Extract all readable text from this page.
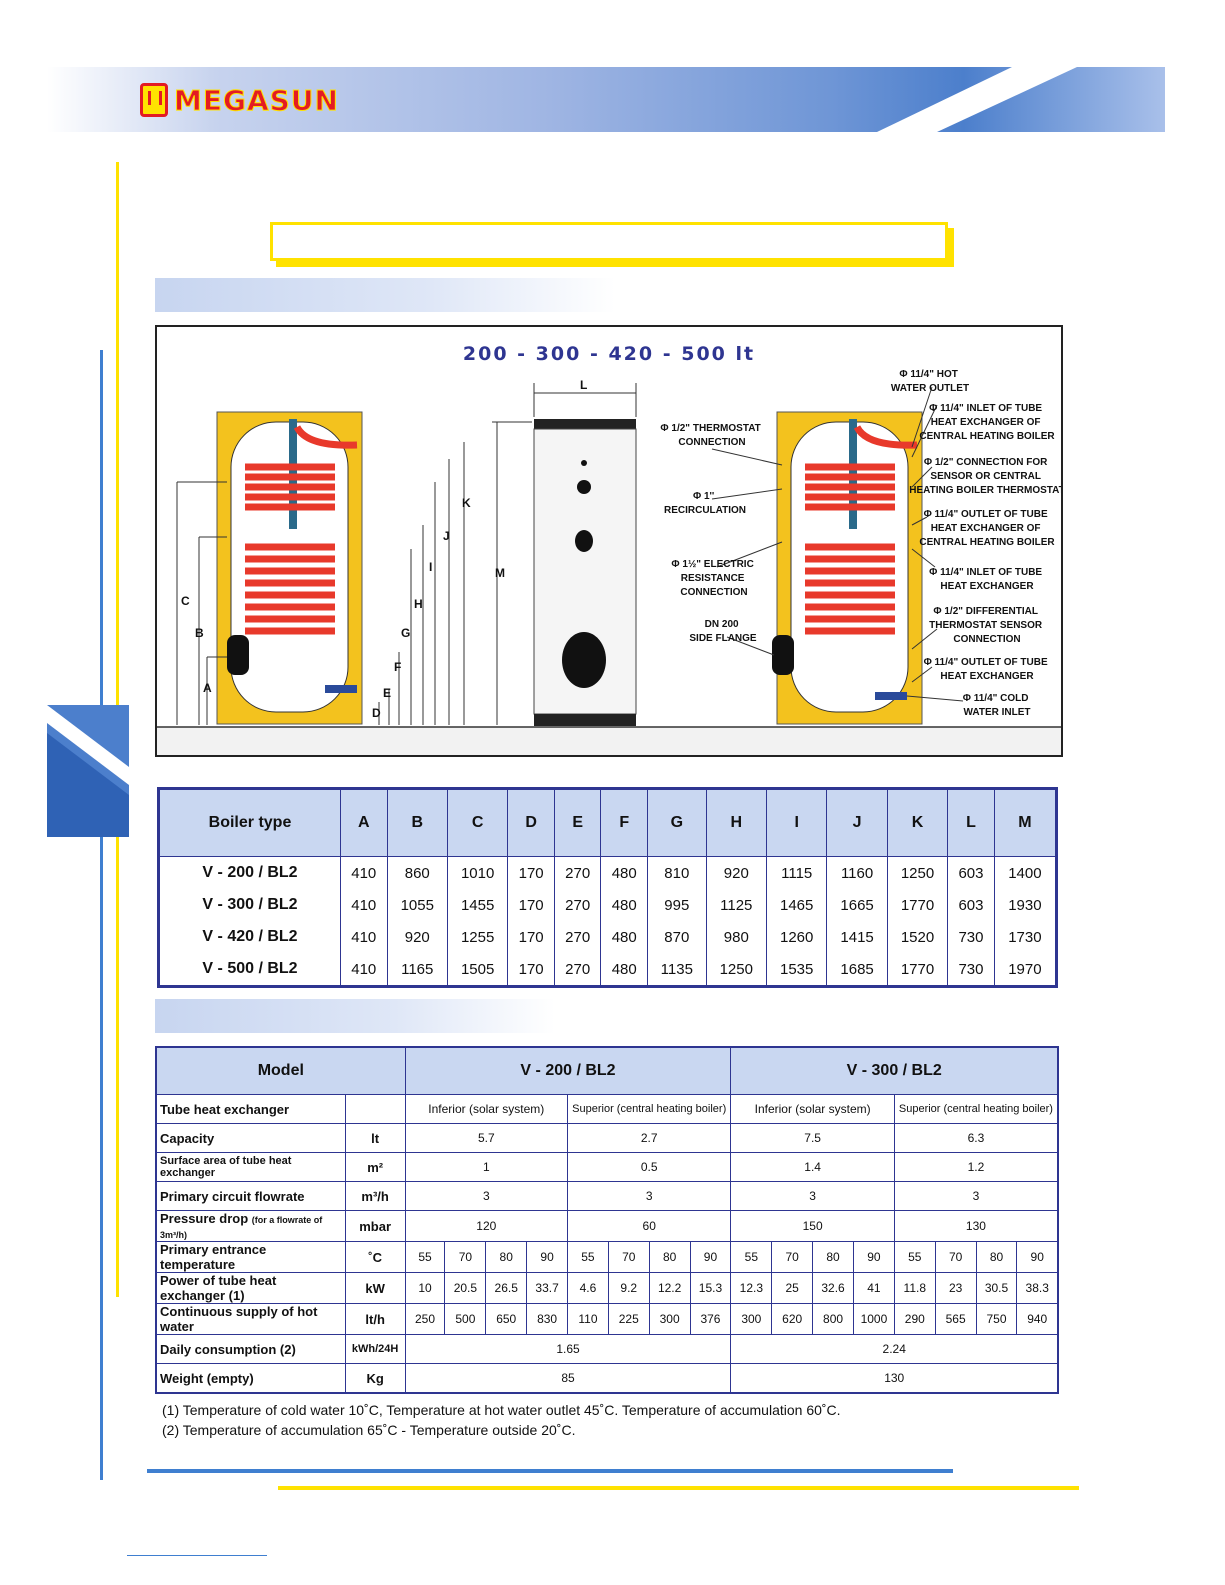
MEGASUN
200 - 300 - 420 - 500 lt
C
B
A
D
E
F
G
H
I
J
K
L
M
Φ 1/2" THERMOSTAT CONNECTION
Φ 1'' RECIRCULATION
Φ 1½" ELECTRIC RESISTANCE CONNECTION
DN 200 SIDE FLANGE
Φ 11/4" HOT WATER OUTLET
Φ 11/4" INLET OF TUBE HEAT EXCHANGER OF CENTRAL HEATING BOILER
Φ 1/2" CONNECTION FOR SENSOR OR CENTRAL HEATING BOILER THERMOSTAT
Φ 11/4" OUTLET OF TUBE HEAT EXCHANGER OF CENTRAL HEATING BOILER
Φ 11/4" INLET OF TUBE HEAT EXCHANGER
Φ 1/2" DIFFERENTIAL THERMOSTAT SENSOR CONNECTION
Φ 11/4" OUTLET OF TUBE HEAT EXCHANGER
Φ 11/4" COLD WATER INLET
Boiler type	A	B	C	D	E	F	G	H	I	J	K	L	M
V - 200 / BL2	410	860	1010	170	270	480	810	920	1115	1160	1250	603	1400
V - 300 / BL2	410	1055	1455	170	270	480	995	1125	1465	1665	1770	603	1930
V - 420 / BL2	410	920	1255	170	270	480	870	980	1260	1415	1520	730	1730
V - 500 / BL2	410	1165	1505	170	270	480	1135	1250	1535	1685	1770	730	1970
Model		V - 200 / BL2								V - 300 / BL2							
Tube heat exchanger		Inferior (solar system)				Superior (central heating boiler)				Inferior (solar system)				Superior (central heating boiler)			
Capacity	lt	5.7				2.7				7.5				6.3			
Surface area of tube heat exchanger	m²	1				0.5				1.4				1.2			
Primary circuit flowrate	m³/h	3				3				3				3			
Pressure drop (for a flowrate of 3m³/h)	mbar	120				60				150				130			
Primary entrance temperature	˚C	55	70	80	90	55	70	80	90	55	70	80	90	55	70	80	90
Power of tube heat exchanger (1)	kW	10	20.5	26.5	33.7	4.6	9.2	12.2	15.3	12.3	25	32.6	41	11.8	23	30.5	38.3
Continuous supply of hot water	lt/h	250	500	650	830	110	225	300	376	300	620	800	1000	290	565	750	940
Daily consumption (2)	kWh/24H	1.65								2.24							
Weight (empty)	Kg	85								130							
(1) Temperature of cold water 10˚C, Temperature at hot water outlet 45˚C. Temperature of accumulation 60˚C.
(2) Temperature of accumulation 65˚C - Temperature outside 20˚C.
